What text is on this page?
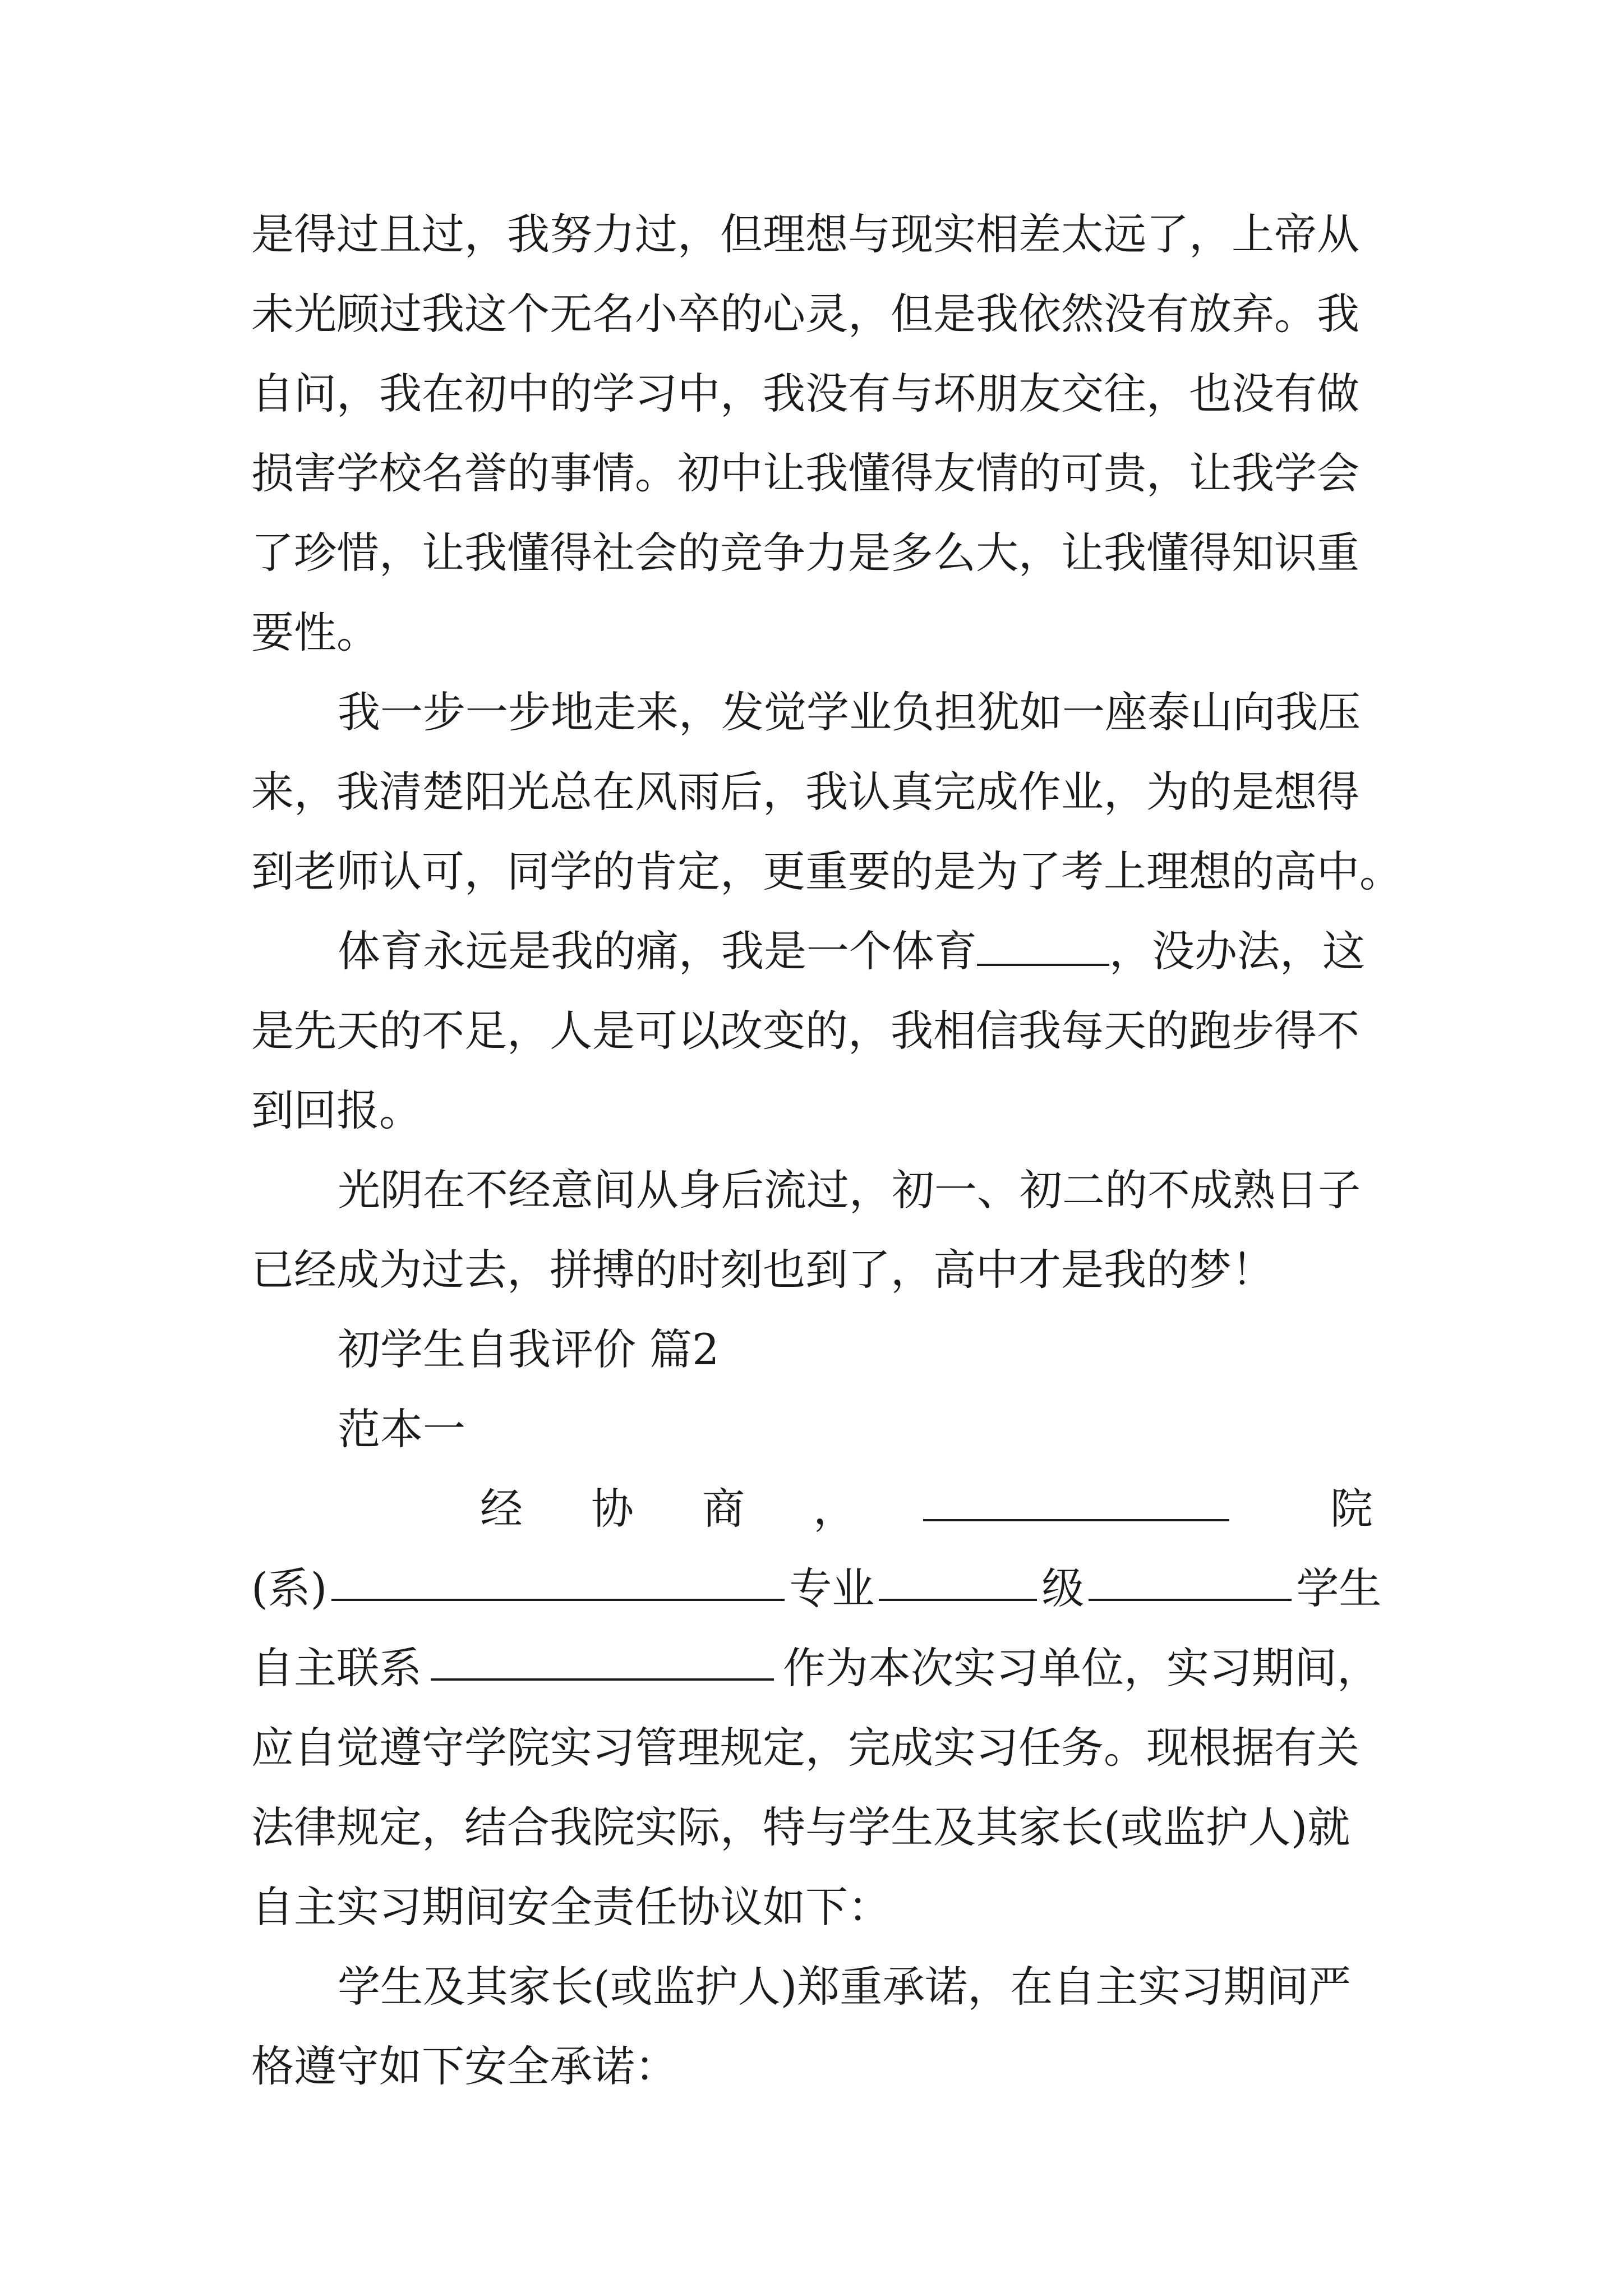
是得过且过，我努力过，但理想与现实相差太远了，上帝从
未光顾过我这个无名小卒的心灵，但是我依然没有放弃。我
自问，我在初中的学习中，我没有与坏朋友交往，也没有做
损害学校名誉的事情。初中让我懂得友情的可贵，让我学会
了珍惜，让我懂得社会的竞争力是多么大，让我懂得知识重
要性。
我一步一步地走来，发觉学业负担犹如一座泰山向我压
来，我清楚阳光总在风雨后，我认真完成作业，为的是想得
到老师认可，同学的肯定，更重要的是为了考上理想的高中。
体育永远是我的痛，我是一个体育	，没办法，这
是先天的不足，人是可以改变的，我相信我每天的跑步得不
到回报。
光阴在不经意间从身后流过，初一、初二的不成熟日子
已经成为过去，拼搏的时刻也到了，高中才是我的梦！
初学生自我评价 篇2
范本一
经 协 商 ，	院
(系)	专业	级	学生
自主联系	作为本次实习单位，实习期间，
应自觉遵守学院实习管理规定，完成实习任务。现根据有关
法律规定，结合我院实际，特与学生及其家长(或监护人)就
自主实习期间安全责任协议如下：
学生及其家长(或监护人)郑重承诺，在自主实习期间严
格遵守如下安全承诺：
